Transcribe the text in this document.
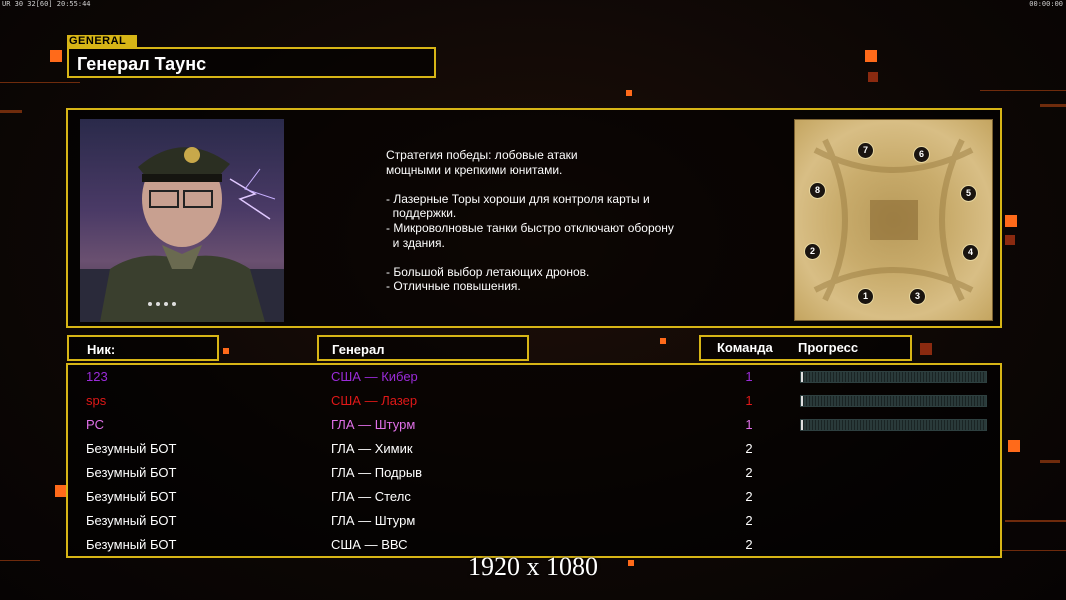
UR 30 32[60] 20:55:44	00:00:00
GENERAL
Генерал Таунс
Стратегия победы: лобовые атаки
мощными и крепкими юнитами.

- Лазерные Торы хороши для контроля карты и
поддержки.
- Микроволновые танки быстро отключают оборону
и здания.

- Большой выбор летающих дронов.
- Отличные повышения.
7	6
8	5
2	4
1	3
Ник:	Генерал	Команда Прогресс
123	США — Кибер	1
sps	США — Лазер	1
PC	ГЛА — Штурм	1
Безумный БОТ	ГЛА — Химик	2
Безумный БОТ	ГЛА — Подрыв	2
Безумный БОТ	ГЛА — Стелс	2
Безумный БОТ	ГЛА — Штурм	2
Безумный БОТ	США — ВВС	2
1920 x 1080
